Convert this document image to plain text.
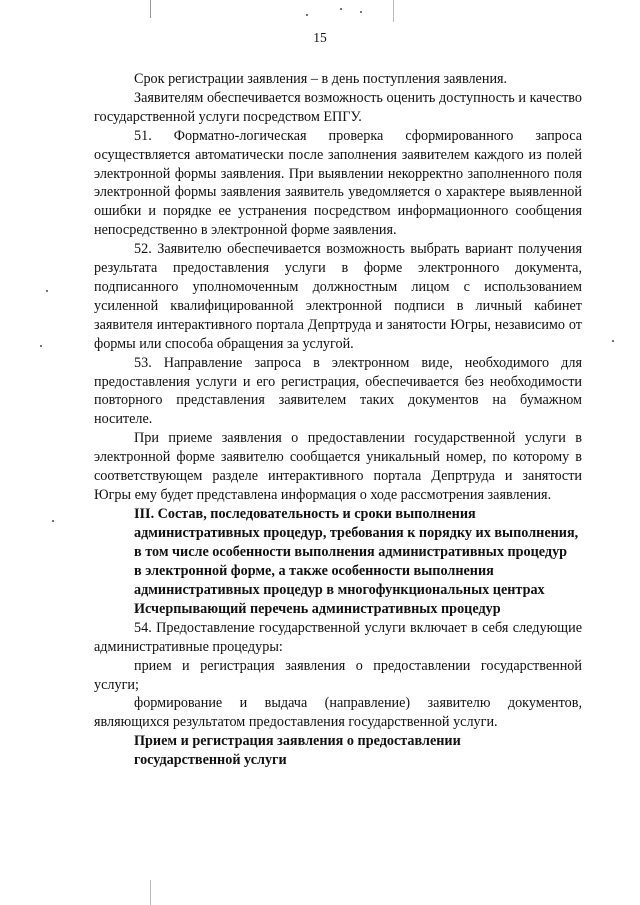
15

Срок регистрации заявления – в день поступления заявления.

Заявителям обеспечивается возможность оценить доступность и качество государственной услуги посредством ЕПГУ.

51. Форматно-логическая проверка сформированного запроса осуществляется автоматически после заполнения заявителем каждого из полей электронной формы заявления. При выявлении некорректно заполненного поля электронной формы заявления заявитель уведомляется о характере выявленной ошибки и порядке ее устранения посредством информационного сообщения непосредственно в электронной форме заявления.

52. Заявителю обеспечивается возможность выбрать вариант получения результата предоставления услуги в форме электронного документа, подписанного уполномоченным должностным лицом с использованием усиленной квалифицированной электронной подписи в личный кабинет заявителя интерактивного портала Депртруда и занятости Югры, независимо от формы или способа обращения за услугой.

53. Направление запроса в электронном виде, необходимого для предоставления услуги и его регистрация, обеспечивается без необходимости повторного представления заявителем таких документов на бумажном носителе.

При приеме заявления о предоставлении государственной услуги в электронной форме заявителю сообщается уникальный номер, по которому в соответствующем разделе интерактивного портала Депртруда и занятости Югры ему будет представлена информация о ходе рассмотрения заявления.

III. Состав, последовательность и сроки выполнения
административных процедур, требования к порядку их выполнения,
в том числе особенности выполнения административных процедур
в электронной форме, а также особенности выполнения
административных процедур в многофункциональных центрах

Исчерпывающий перечень административных процедур

54. Предоставление государственной услуги включает в себя следующие административные процедуры:

прием и регистрация заявления о предоставлении государственной услуги;

формирование и выдача (направление) заявителю документов, являющихся результатом предоставления государственной услуги.

Прием и регистрация заявления о предоставлении
государственной услуги
